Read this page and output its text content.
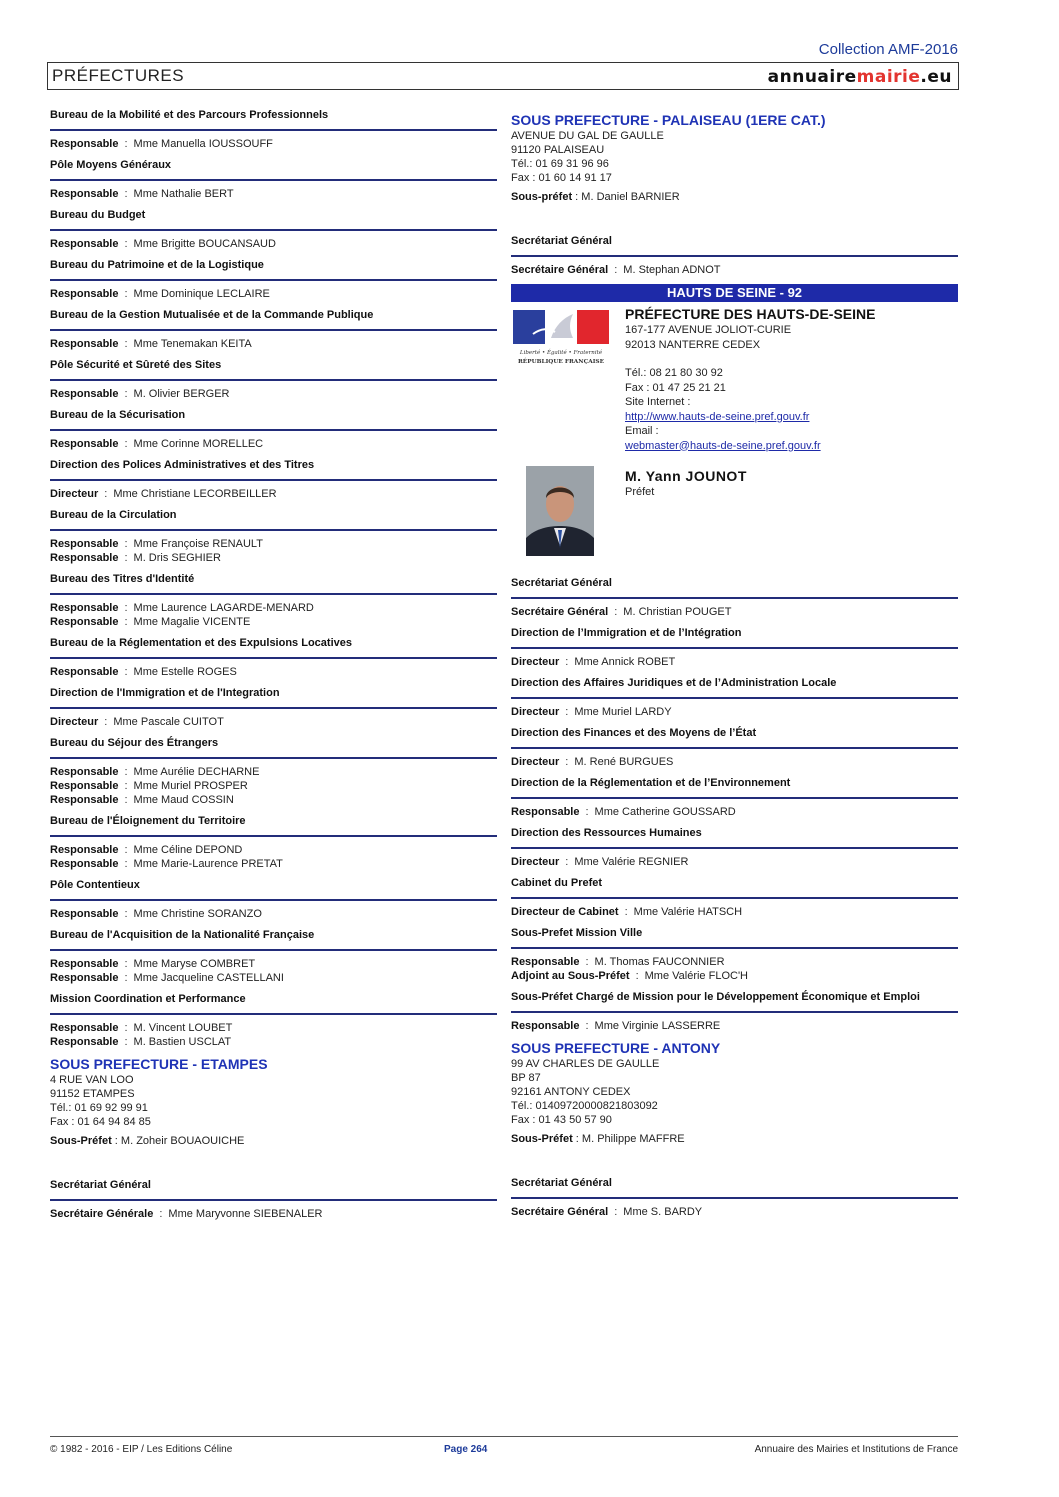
Collection AMF-2016
PRÉFECTURES	annuairemairie.eu
Bureau de la Mobilité et des Parcours Professionnels
Responsable : Mme Manuella IOUSSOUFF
Pôle Moyens Généraux
Responsable : Mme Nathalie BERT
Bureau du Budget
Responsable : Mme Brigitte BOUCANSAUD
Bureau du Patrimoine et de la Logistique
Responsable : Mme Dominique LECLAIRE
Bureau de la Gestion Mutualisée et de la Commande Publique
Responsable : Mme Tenemakan KEITA
Pôle Sécurité et Sûreté des Sites
Responsable : M. Olivier BERGER
Bureau de la Sécurisation
Responsable : Mme Corinne MORELLEC
Direction des Polices Administratives et des Titres
Directeur : Mme Christiane LECORBEILLER
Bureau de la Circulation
Responsable : Mme Françoise RENAULT
Responsable : M. Dris SEGHIER
Bureau des Titres d'Identité
Responsable : Mme Laurence LAGARDE-MENARD
Responsable : Mme Magalie VICENTE
Bureau de la Réglementation et des Expulsions Locatives
Responsable : Mme Estelle ROGES
Direction de l'Immigration et de l'Integration
Directeur : Mme Pascale CUITOT
Bureau du Séjour des Étrangers
Responsable : Mme Aurélie DECHARNE
Responsable : Mme Muriel PROSPER
Responsable : Mme Maud COSSIN
Bureau de l'Éloignement du Territoire
Responsable : Mme Céline DEPOND
Responsable : Mme Marie-Laurence PRETAT
Pôle Contentieux
Responsable : Mme Christine SORANZO
Bureau de l'Acquisition de la Nationalité Française
Responsable : Mme Maryse COMBRET
Responsable : Mme Jacqueline CASTELLANI
Mission Coordination et Performance
Responsable : M. Vincent LOUBET
Responsable : M. Bastien USCLAT
SOUS PREFECTURE - ETAMPES
4 RUE VAN LOO
91152 ETAMPES
Tél.: 01 69 92 99 91
Fax : 01 64 94 84 85
Sous-Préfet : M. Zoheir BOUAOUICHE
Secrétariat Général
Secrétaire Générale : Mme Maryvonne SIEBENALER
SOUS PREFECTURE - PALAISEAU (1ERE CAT.)
AVENUE DU GAL DE GAULLE
91120 PALAISEAU
Tél.: 01 69 31 96 96
Fax : 01 60 14 91 17
Sous-préfet : M. Daniel BARNIER
Secrétariat Général
Secrétaire Général : M. Stephan ADNOT
HAUTS DE SEINE - 92
Liberté • Égalité • Fraternité
RÉPUBLIQUE FRANÇAISE
PRÉFECTURE DES HAUTS-DE-SEINE
167-177 AVENUE JOLIOT-CURIE
92013 NANTERRE CEDEX
Tél.: 08 21 80 30 92
Fax : 01 47 25 21 21
Site Internet :
http://www.hauts-de-seine.pref.gouv.fr
Email :
webmaster@hauts-de-seine.pref.gouv.fr
M. Yann JOUNOT
Préfet
Secrétariat Général
Secrétaire Général : M. Christian POUGET
Direction de l’Immigration et de l’Intégration
Directeur : Mme Annick ROBET
Direction des Affaires Juridiques et de l’Administration Locale
Directeur : Mme Muriel LARDY
Direction des Finances et des Moyens de l’État
Directeur : M. René BURGUES
Direction de la Réglementation et de l’Environnement
Responsable : Mme Catherine GOUSSARD
Direction des Ressources Humaines
Directeur : Mme Valérie REGNIER
Cabinet du Prefet
Directeur de Cabinet : Mme Valérie HATSCH
Sous-Prefet Mission Ville
Responsable : M. Thomas FAUCONNIER
Adjoint au Sous-Préfet : Mme Valérie FLOC'H
Sous-Préfet Chargé de Mission pour le Développement Économique et Emploi
Responsable : Mme Virginie LASSERRE
SOUS PREFECTURE - ANTONY
99 AV CHARLES DE GAULLE
BP 87
92161 ANTONY CEDEX
Tél.: 01409720000821803092
Fax : 01 43 50 57 90
Sous-Préfet : M. Philippe MAFFRE
Secrétariat Général
Secrétaire Général : Mme S. BARDY
© 1982 - 2016 - EIP / Les Editions Céline	Page 264	Annuaire des Mairies et Institutions de France
